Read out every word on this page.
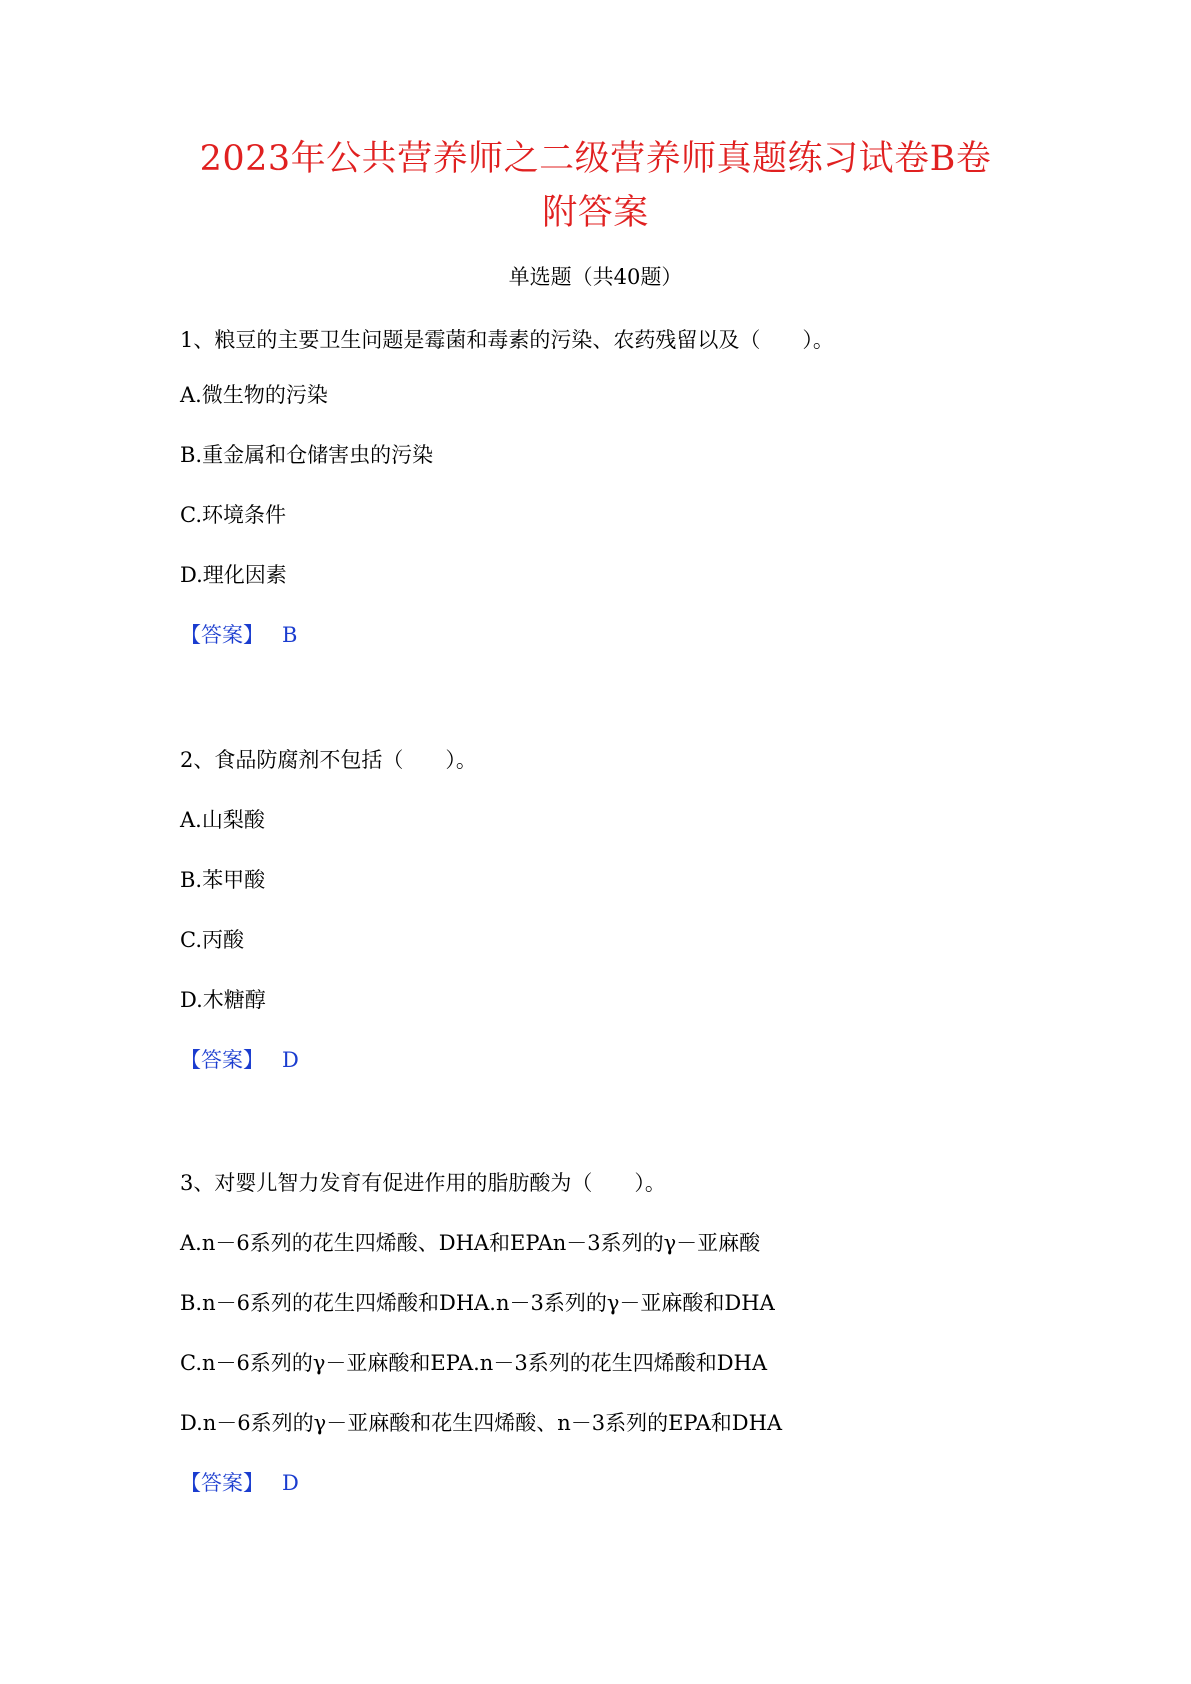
2023年公共营养师之二级营养师真题练习试卷B卷
附答案
单选题（共40题）
1、粮豆的主要卫生问题是霉菌和毒素的污染、农药残留以及（　　）。
A.微生物的污染
B.重金属和仓储害虫的污染
C.环境条件
D.理化因素
【答案】 B
2、食品防腐剂不包括（　　）。
A.山梨酸
B.苯甲酸
C.丙酸
D.木糖醇
【答案】 D
3、对婴儿智力发育有促进作用的脂肪酸为（　　）。
A.n－6系列的花生四烯酸、DHA和EPAn－3系列的γ－亚麻酸
B.n－6系列的花生四烯酸和DHA.n－3系列的γ－亚麻酸和DHA
C.n－6系列的γ－亚麻酸和EPA.n－3系列的花生四烯酸和DHA
D.n－6系列的γ－亚麻酸和花生四烯酸、n－3系列的EPA和DHA
【答案】 D
